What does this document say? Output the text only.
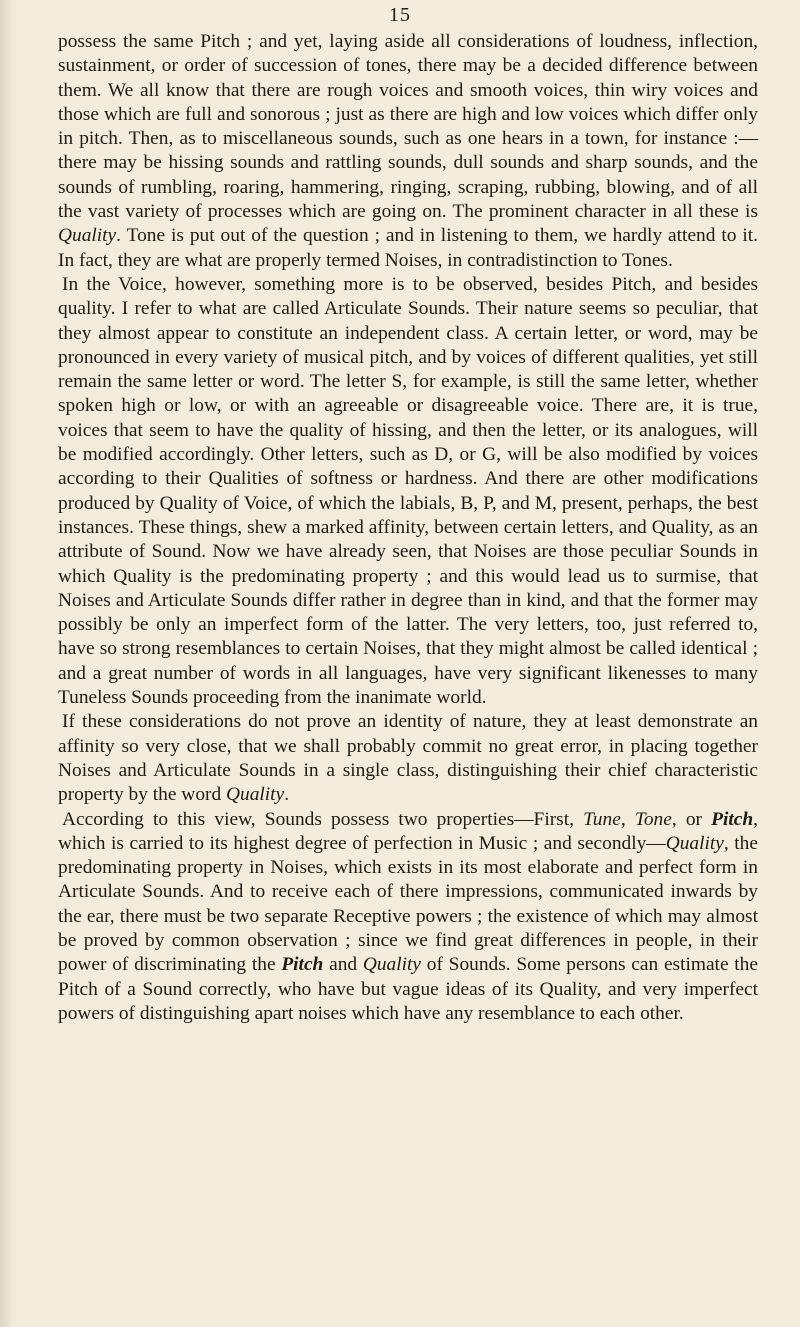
15

possess the same Pitch ; and yet, laying aside all considerations of loudness, inflection, sustainment, or order of succession of tones, there may be a decided difference between them. We all know that there are rough voices and smooth voices, thin wiry voices and those which are full and sonorous ; just as there are high and low voices which differ only in pitch. Then, as to miscellaneous sounds, such as one hears in a town, for instance :—there may be hissing sounds and rattling sounds, dull sounds and sharp sounds, and the sounds of rumbling, roaring, hammering, ringing, scraping, rubbing, blowing, and of all the vast variety of processes which are going on. The prominent character in all these is Quality. Tone is put out of the question ; and in listening to them, we hardly attend to it. In fact, they are what are properly termed Noises, in contradistinction to Tones.

In the Voice, however, something more is to be observed, besides Pitch, and besides quality. I refer to what are called Articulate Sounds. Their nature seems so peculiar, that they almost appear to constitute an independent class. A certain letter, or word, may be pronounced in every variety of musical pitch, and by voices of different qualities, yet still remain the same letter or word. The letter S, for example, is still the same letter, whether spoken high or low, or with an agreeable or disagreeable voice. There are, it is true, voices that seem to have the quality of hissing, and then the letter, or its analogues, will be modified accordingly. Other letters, such as D, or G, will be also modified by voices according to their Qualities of softness or hardness. And there are other modifications produced by Quality of Voice, of which the labials, B, P, and M, present, perhaps, the best instances. These things, shew a marked affinity, between certain letters, and Quality, as an attribute of Sound. Now we have already seen, that Noises are those peculiar Sounds in which Quality is the predominating property ; and this would lead us to surmise, that Noises and Articulate Sounds differ rather in degree than in kind, and that the former may possibly be only an imperfect form of the latter. The very letters, too, just referred to, have so strong resemblances to certain Noises, that they might almost be called identical ; and a great number of words in all languages, have very significant likenesses to many Tuneless Sounds proceeding from the inanimate world.

If these considerations do not prove an identity of nature, they at least demonstrate an affinity so very close, that we shall probably commit no great error, in placing together Noises and Articulate Sounds in a single class, distinguishing their chief characteristic property by the word Quality.

According to this view, Sounds possess two properties—First, Tune, Tone, or Pitch, which is carried to its highest degree of perfection in Music ; and secondly—Quality, the predominating property in Noises, which exists in its most elaborate and perfect form in Articulate Sounds. And to receive each of there impressions, communicated inwards by the ear, there must be two separate Receptive powers ; the existence of which may almost be proved by common observation ; since we find great differences in people, in their power of discriminating the Pitch and Quality of Sounds. Some persons can estimate the Pitch of a Sound correctly, who have but vague ideas of its Quality, and very imperfect powers of distinguishing apart noises which have any resemblance to each other.
